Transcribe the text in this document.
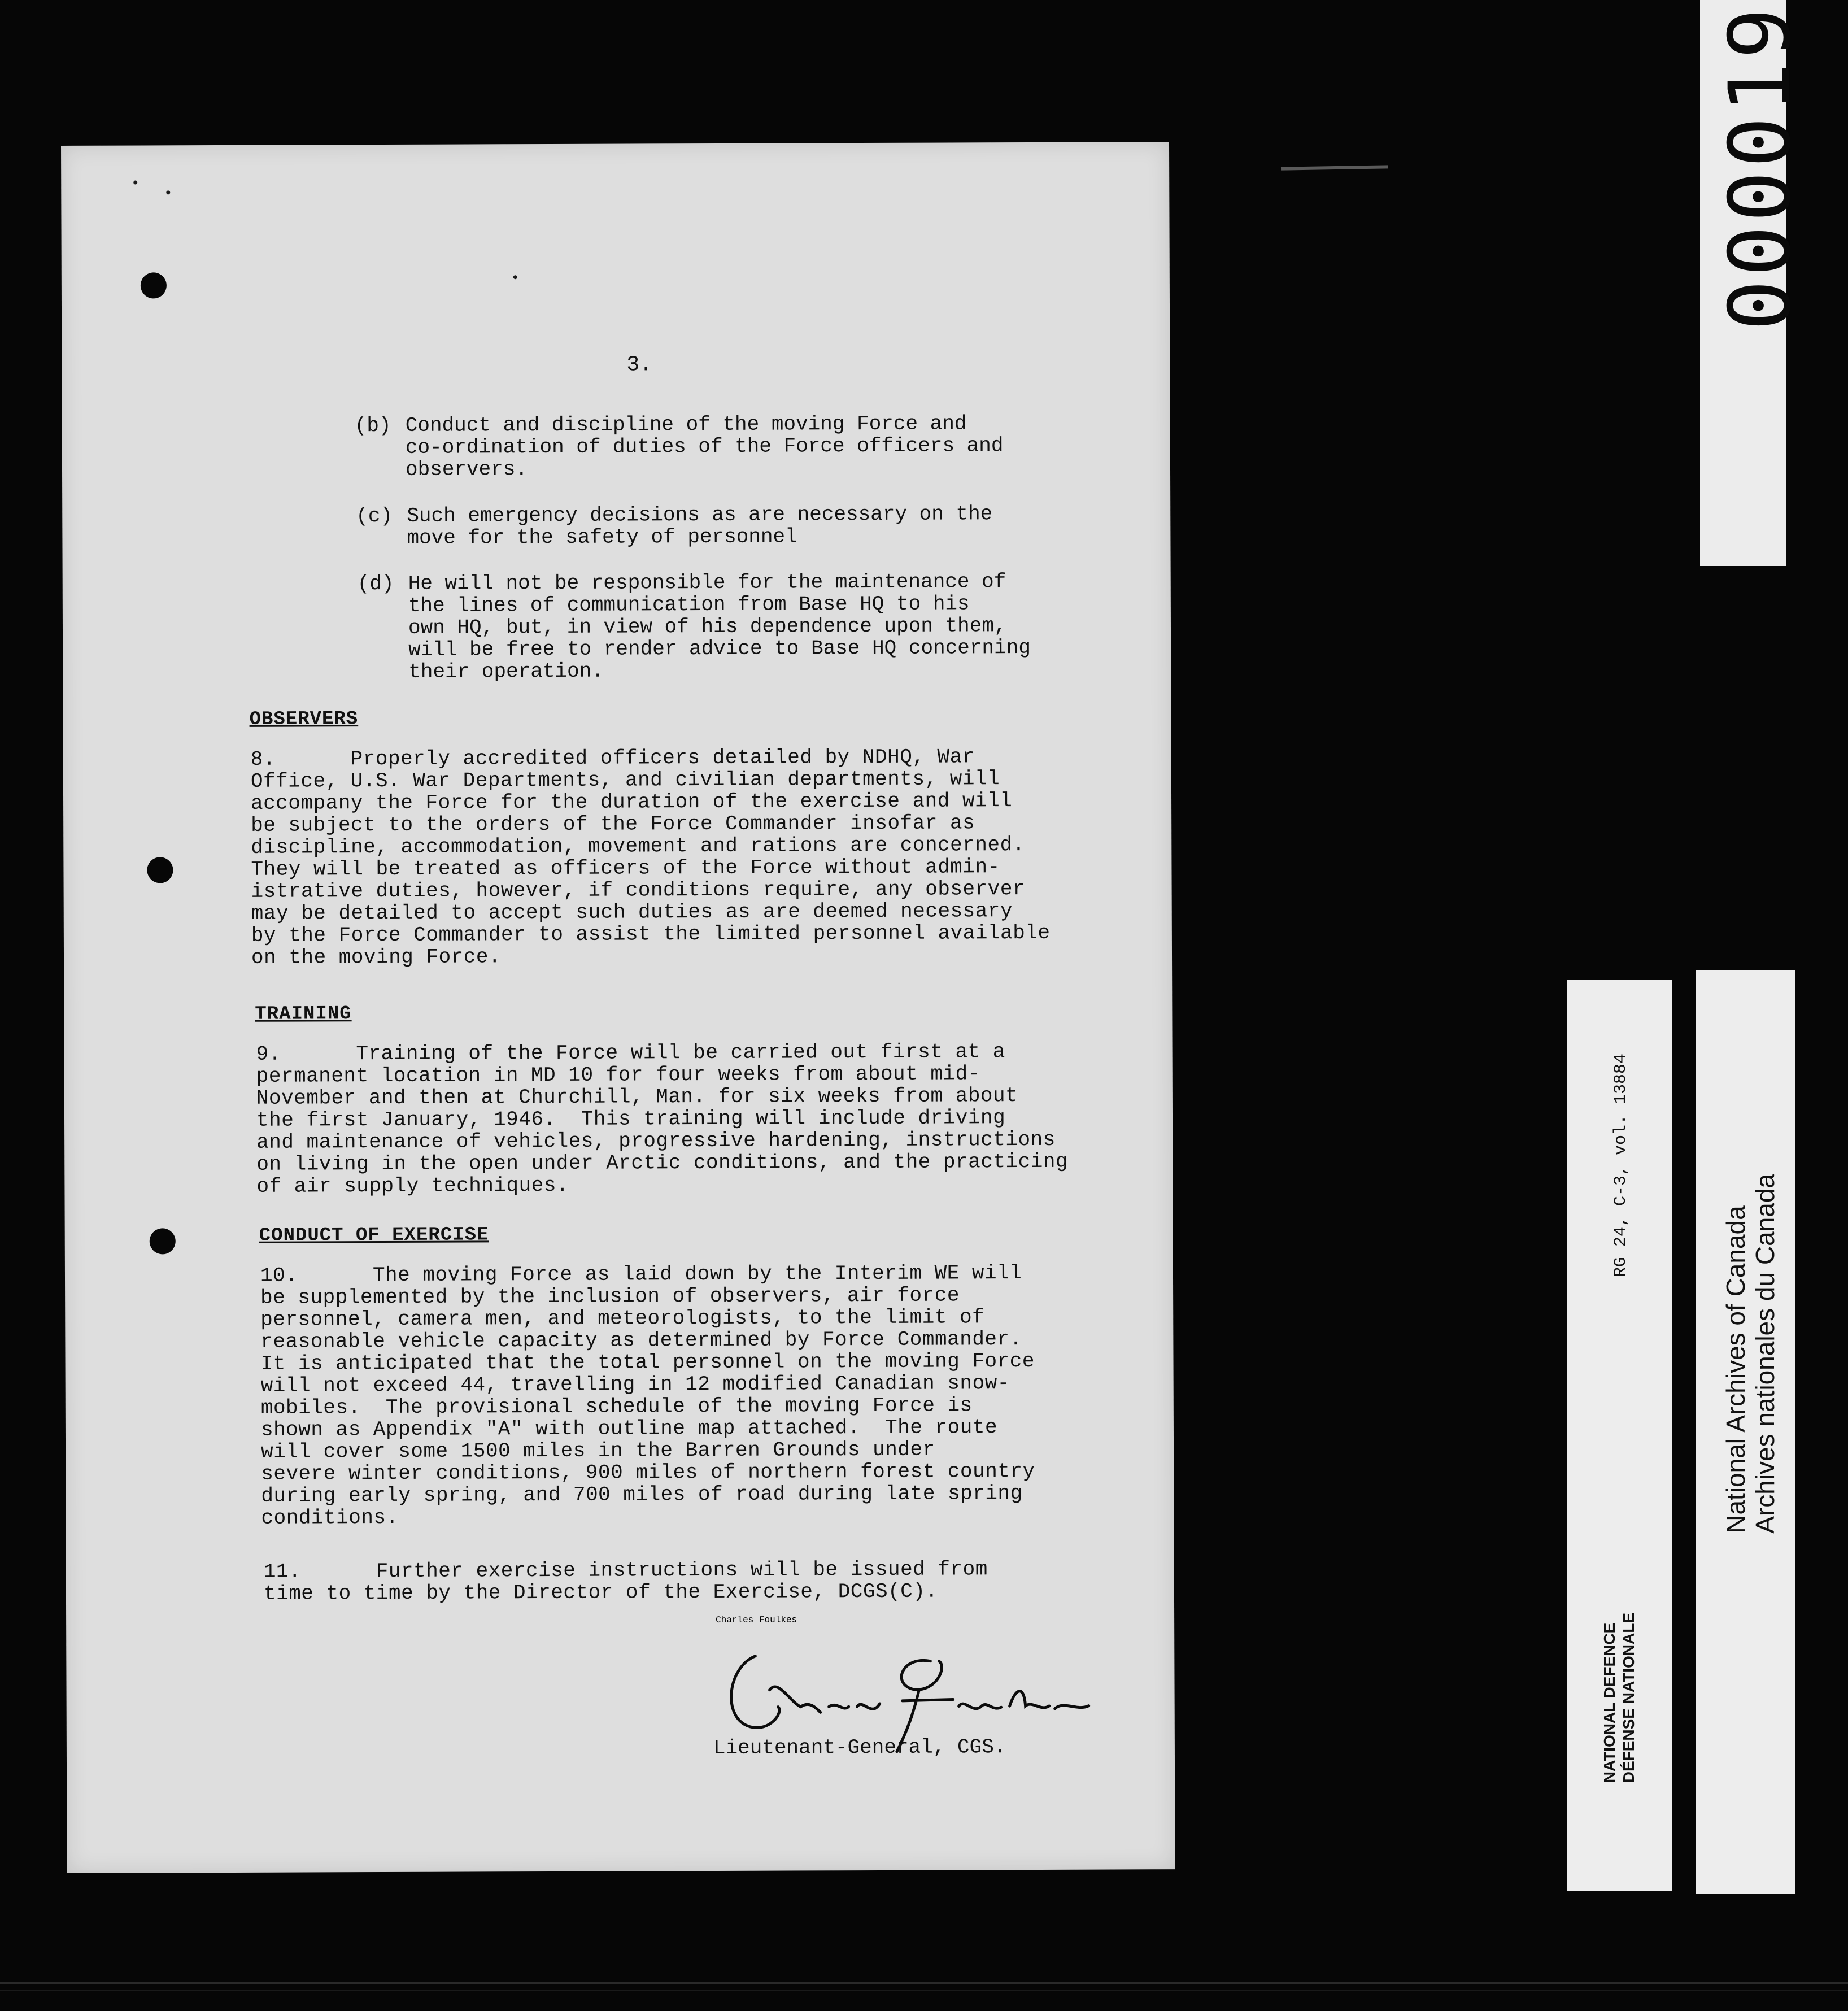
3.
(b) Conduct and discipline of the moving Force and
co-ordination of duties of the Force officers and
observers.
(c) Such emergency decisions as are necessary on the
move for the safety of personnel
(d) He will not be responsible for the maintenance of
the lines of communication from Base HQ to his
own HQ, but, in view of his dependence upon them,
will be free to render advice to Base HQ concerning
their operation.
OBSERVERS
8.      Properly accredited officers detailed by NDHQ, War
Office, U.S. War Departments, and civilian departments, will
accompany the Force for the duration of the exercise and will
be subject to the orders of the Force Commander insofar as
discipline, accommodation, movement and rations are concerned.
They will be treated as officers of the Force without admin-
istrative duties, however, if conditions require, any observer
may be detailed to accept such duties as are deemed necessary
by the Force Commander to assist the limited personnel available
on the moving Force.
TRAINING
9.      Training of the Force will be carried out first at a
permanent location in MD 10 for four weeks from about mid-
November and then at Churchill, Man. for six weeks from about
the first January, 1946.  This training will include driving
and maintenance of vehicles, progressive hardening, instructions
on living in the open under Arctic conditions, and the practicing
of air supply techniques.
CONDUCT OF EXERCISE
10.      The moving Force as laid down by the Interim WE will
be supplemented by the inclusion of observers, air force
personnel, camera men, and meteorologists, to the limit of
reasonable vehicle capacity as determined by Force Commander.
It is anticipated that the total personnel on the moving Force
will not exceed 44, travelling in 12 modified Canadian snow-
mobiles.  The provisional schedule of the moving Force is
shown as Appendix "A" with outline map attached.  The route
will cover some 1500 miles in the Barren Grounds under
severe winter conditions, 900 miles of northern forest country
during early spring, and 700 miles of road during late spring
conditions.
11.      Further exercise instructions will be issued from
time to time by the Director of the Exercise, DCGS(C).
Charles Foulkes
Lieutenant-General, CGS.
000019
RG 24, C-3, vol. 13884
NATIONAL DEFENCE
DÉFENSE NATIONALE
National Archives of Canada
Archives nationales du Canada
